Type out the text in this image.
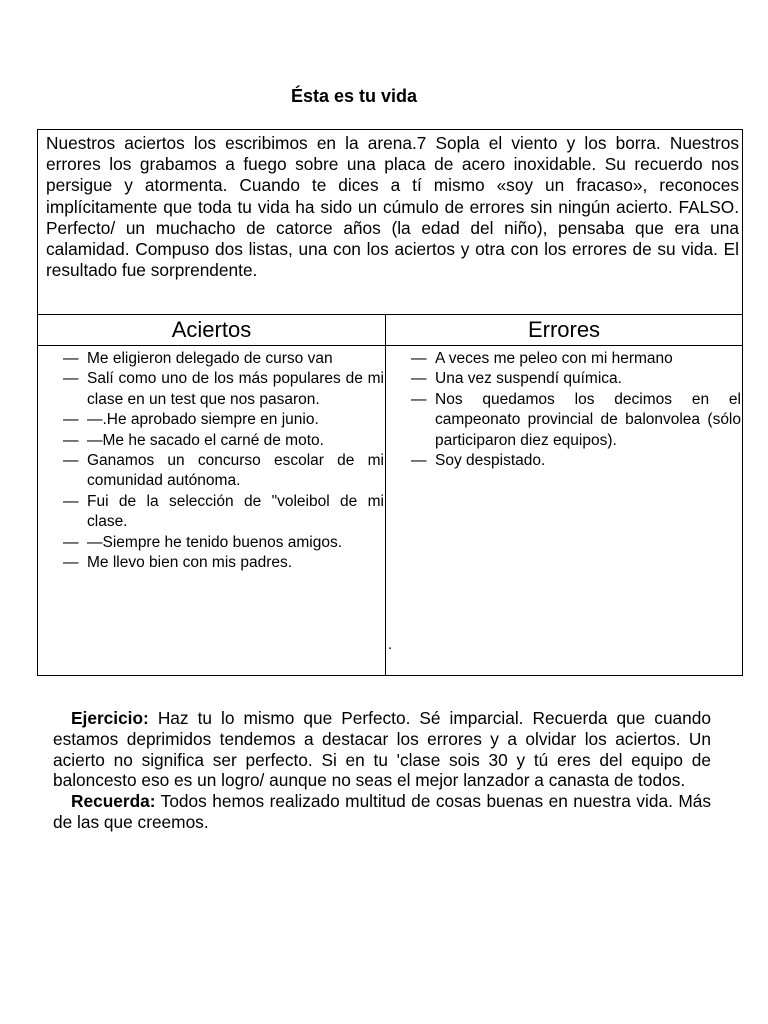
Ésta es tu vida
Nuestros aciertos los escribimos en la arena.7 Sopla el viento y los borra. Nuestros errores los grabamos a fuego sobre una placa de acero inoxidable. Su recuerdo nos persigue y atormenta. Cuando te dices a tí mismo «soy un fracaso», reconoces implícitamente que toda tu vida ha sido un cúmulo de errores sin ningún acierto. FALSO. Perfecto/ un muchacho de catorce años (la edad del niño), pensaba que era una calamidad. Compuso dos listas, una con los aciertos y otra con los errores de su vida. El resultado fue sorprendente.
Aciertos	Errores
— Me eligieron delegado de curso van
— Salí como uno de los más populares de mi clase en un test que nos pasaron.
— —.He aprobado siempre en junio.
— —Me he sacado el carné de moto.
— Ganamos un concurso escolar de mi comunidad autónoma.
— Fui de la selección de "voleibol de mi clase.
— —Siempre he tenido buenos amigos.
— Me llevo bien con mis padres.
— A veces me peleo con mi hermano
— Una vez suspendí química.
— Nos quedamos los decimos en el campeonato provincial de balonvolea (sólo participaron diez equipos).
— Soy despistado.
.

Ejercicio: Haz tu lo mismo que Perfecto. Sé imparcial. Recuerda que cuando estamos deprimidos tendemos a destacar los errores y a olvidar los aciertos. Un acierto no significa ser perfecto. Si en tu 'clase sois 30 y tú eres del equipo de baloncesto eso es un logro/ aunque no seas el mejor lanzador a canasta de todos.

Recuerda: Todos hemos realizado multitud de cosas buenas en nuestra vida. Más de las que creemos.
